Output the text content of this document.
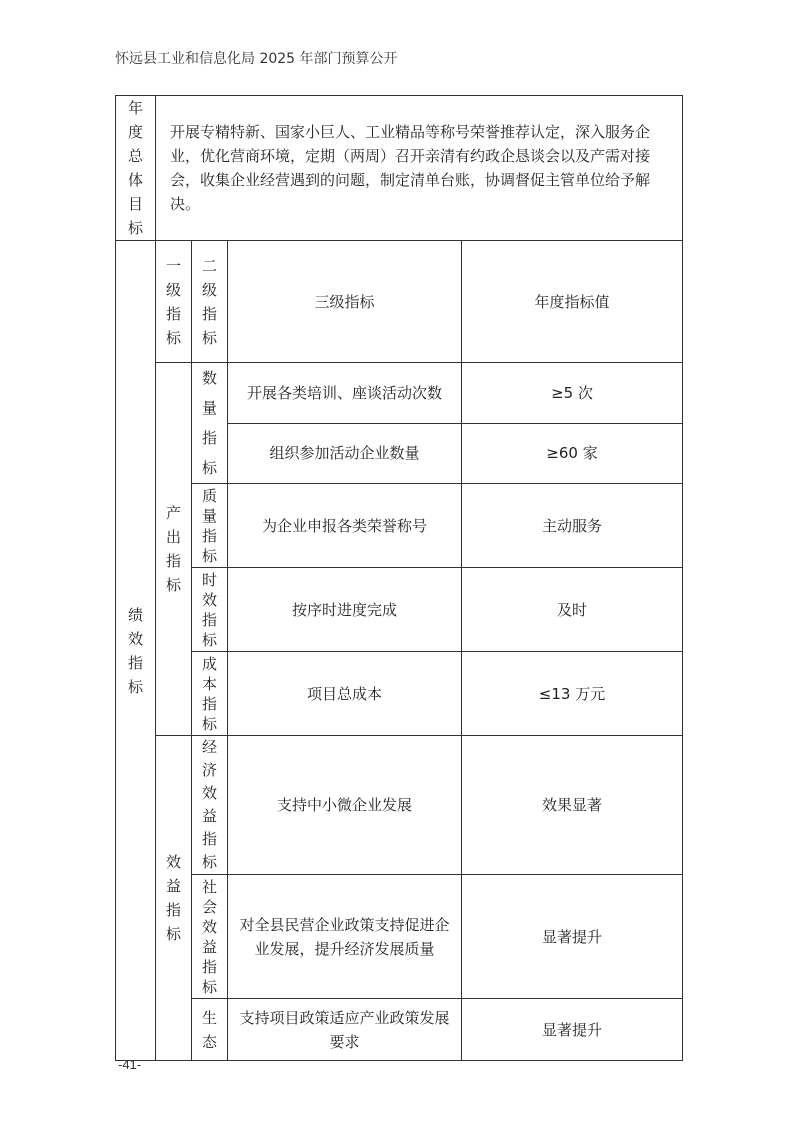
怀远县工业和信息化局 2025 年部门预算公开
年度总体目标	开展专精特新、国家小巨人、工业精品等称号荣誉推荐认定，深入服务企业，优化营商环境，定期（两周）召开亲清有约政企恳谈会以及产需对接会，收集企业经营遇到的问题，制定清单台账，协调督促主管单位给予解决。			

绩效指标	一级指标	二级指标	三级指标	年度指标值

	产出指标	数量指标	开展各类培训、座谈活动次数	≥5 次
			组织参加活动企业数量	≥60 家

		质量指标	为企业申报各类荣誉称号	主动服务

		时效指标	按序时进度完成	及时

		成本指标	项目总成本	≤13 万元

	效益指标	经济效益指标	支持中小微企业发展	效果显著

		社会效益指标	对全县民营企业政策支持促进企业发展，提升经济发展质量	显著提升

		生态	支持项目政策适应产业政策发展要求	显著提升
-41-
